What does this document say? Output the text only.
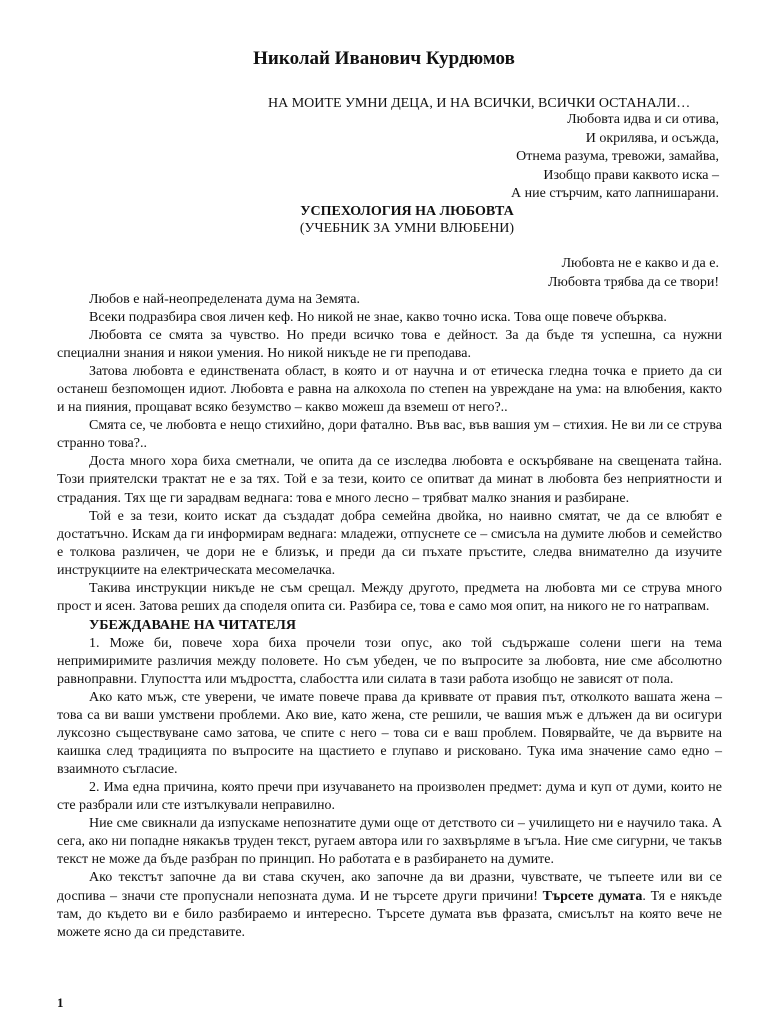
Николай Иванович Курдюмов
НА МОИТЕ УМНИ ДЕЦА, И НА ВСИЧКИ, ВСИЧКИ ОСТАНАЛИ…
Любовта идва и си отива,
И окрилява, и осъжда,
Отнема разума, тревожи, замайва,
Изобщо прави каквото иска –
А ние стърчим, като лапнишарани.
УСПЕХОЛОГИЯ НА ЛЮБОВТА
(УЧЕБНИК ЗА УМНИ ВЛЮБЕНИ)
Любовта не е какво и да е.
Любовта трябва да се твори!

Любов е най-неопределената дума на Земята.

Всеки подразбира своя личен кеф. Но никой не знае, какво точно иска. Това още повече обърква.

Любовта се смята за чувство. Но преди всичко това е дейност. За да бъде тя успешна, са нужни специални знания и някои умения. Но никой никъде не ги преподава.

Затова любовта е единствената област, в която и от научна и от етическа гледна точка е прието да си останеш безпомощен идиот. Любовта е равна на алкохола по степен на увреждане на ума: на влюбения, както и на пияния, прощават всяко безумство – какво можеш да вземеш от него?..

Смята се, че любовта е нещо стихийно, дори фатално. Във вас, във вашия ум – стихия. Не ви ли се струва странно това?..

Доста много хора биха сметнали, че опита да се изследва любовта е оскърбяване на свещената тайна. Този приятелски трактат не е за тях. Той е за тези, които се опитват да минат в любовта без неприятности и страдания. Тях ще ги зарадвам веднага: това е много лесно – трябват малко знания и разбиране.

Той е за тези, които искат да създадат добра семейна двойка, но наивно смятат, че да се влюбят е достатъчно. Искам да ги информирам веднага: младежи, отпуснете се – смисъла на думите любов и семейство е толкова различен, че дори не е близък, и преди да си пъхате пръстите, следва внимателно да изучите инструкциите на електрическата месомелачка.

Такива инструкции никъде не съм срещал. Между другото, предмета на любовта ми се струва много прост и ясен. Затова реших да споделя опита си. Разбира се, това е само моя опит, на никого не го натрапвам.

УБЕЖДАВАНЕ НА ЧИТАТЕЛЯ

1. Може би, повече хора биха прочели този опус, ако той съдържаше солени шеги на тема непримиримите различия между половете. Но съм убеден, че по въпросите за любовта, ние сме абсолютно равноправни. Глупостта или мъдростта, слабостта или силата в тази работа изобщо не зависят от пола.

Ако като мъж, сте уверени, че имате повече права да криввате от правия път, отколкото вашата жена – това са ви ваши умствени проблеми. Ако вие, като жена, сте решили, че вашия мъж е длъжен да ви осигури луксозно съществуване само затова, че спите с него – това си е ваш проблем. Повярвайте, че да вървите на каишка след традицията по въпросите на щастието е глупаво и рисковано. Тука има значение само едно – взаимното съгласие.

2. Има една причина, която пречи при изучаването на произволен предмет: дума и куп от думи, които не сте разбрали или сте изтълкували неправилно.

Ние сме свикнали да изпускаме непознатите думи още от детството си – училището ни е научило така. А сега, ако ни попадне някакъв труден текст, ругаем автора или го захвърляме в ъгъла. Ние сме сигурни, че такъв текст не може да бъде разбран по принцип. Но работата е в разбирането на думите.

Ако текстът започне да ви става скучен, ако започне да ви дразни, чувствате, че тъпеете или ви се доспива – значи сте пропуснали непозната дума. И не търсете други причини! Търсете думата. Тя е някъде там, до където ви е било разбираемо и интересно. Търсете думата във фразата, смисълът на която вече не можете ясно да си представите.

1
